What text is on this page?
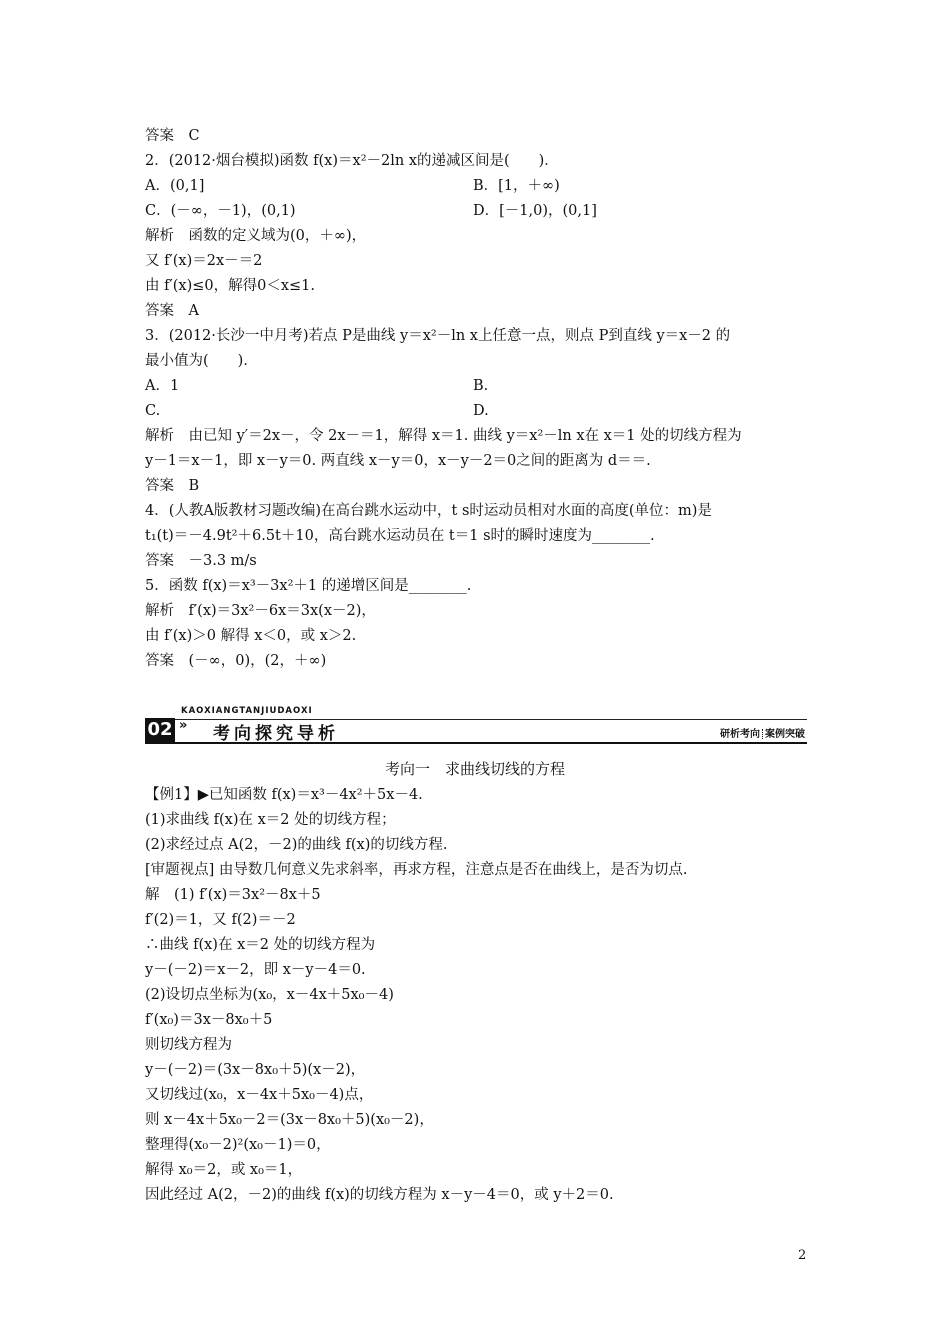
答案　C
2．(2012·烟台模拟)函数 f(x)＝x²－2ln x的递减区间是(　　)．
A．(0,1]
C．(－∞，－1)，(0,1)
解析　函数的定义域为(0，＋∞)，
又 f′(x)＝2x－＝2
由 f′(x)≤0，解得0＜x≤1.
答案　A
3．(2012·长沙一中月考)若点 P是曲线 y＝x²－ln x上任意一点，则点 P到直线 y＝x－2 的
最小值为(　　)．
A．1
C.
解析　由已知 y′＝2x－，令 2x－＝1，解得 x＝1. 曲线 y＝x²－ln x在 x＝1 处的切线方程为
y－1＝x－1，即 x－y＝0. 两直线 x－y＝0，x－y－2＝0之间的距离为 d＝＝.
答案　B
4．(人教A版教材习题改编)在高台跳水运动中，t s时运动员相对水面的高度(单位：m)是
t₁(t)＝－4.9t²＋6.5t＋10，高台跳水运动员在 t＝1 s时的瞬时速度为________.
答案　－3.3 m/s
5．函数 f(x)＝x³－3x²＋1 的递增区间是________.
解析　f′(x)＝3x²－6x＝3x(x－2)，
由 f′(x)＞0 解得 x＜0，或 x＞2.
答案　(－∞，0)，(2，＋∞)
B．[1，＋∞)
D．[－1,0)，(0,1]
B.
D.
KAOXIANGTANJIUDAOXI
02 » 考向探究导析	研析考向 案例突破
考向一　求曲线切线的方程
【例1】▶已知函数 f(x)＝x³－4x²＋5x－4.
(1)求曲线 f(x)在 x＝2 处的切线方程；
(2)求经过点 A(2，－2)的曲线 f(x)的切线方程.
[审题视点] 由导数几何意义先求斜率，再求方程，注意点是否在曲线上，是否为切点.
解　(1) f′(x)＝3x²－8x＋5
f′(2)＝1，又 f(2)＝－2
∴曲线 f(x)在 x＝2 处的切线方程为
y－(－2)＝x－2，即 x－y－4＝0.
(2)设切点坐标为(x₀，x－4x＋5x₀－4)
f′(x₀)＝3x－8x₀＋5
则切线方程为
y－(－2)＝(3x－8x₀＋5)(x－2)，
又切线过(x₀，x－4x＋5x₀－4)点，
则 x－4x＋5x₀－2＝(3x－8x₀＋5)(x₀－2)，
整理得(x₀－2)²(x₀－1)＝0，
解得 x₀＝2，或 x₀＝1，
因此经过 A(2，－2)的曲线 f(x)的切线方程为 x－y－4＝0，或 y＋2＝0.
2
